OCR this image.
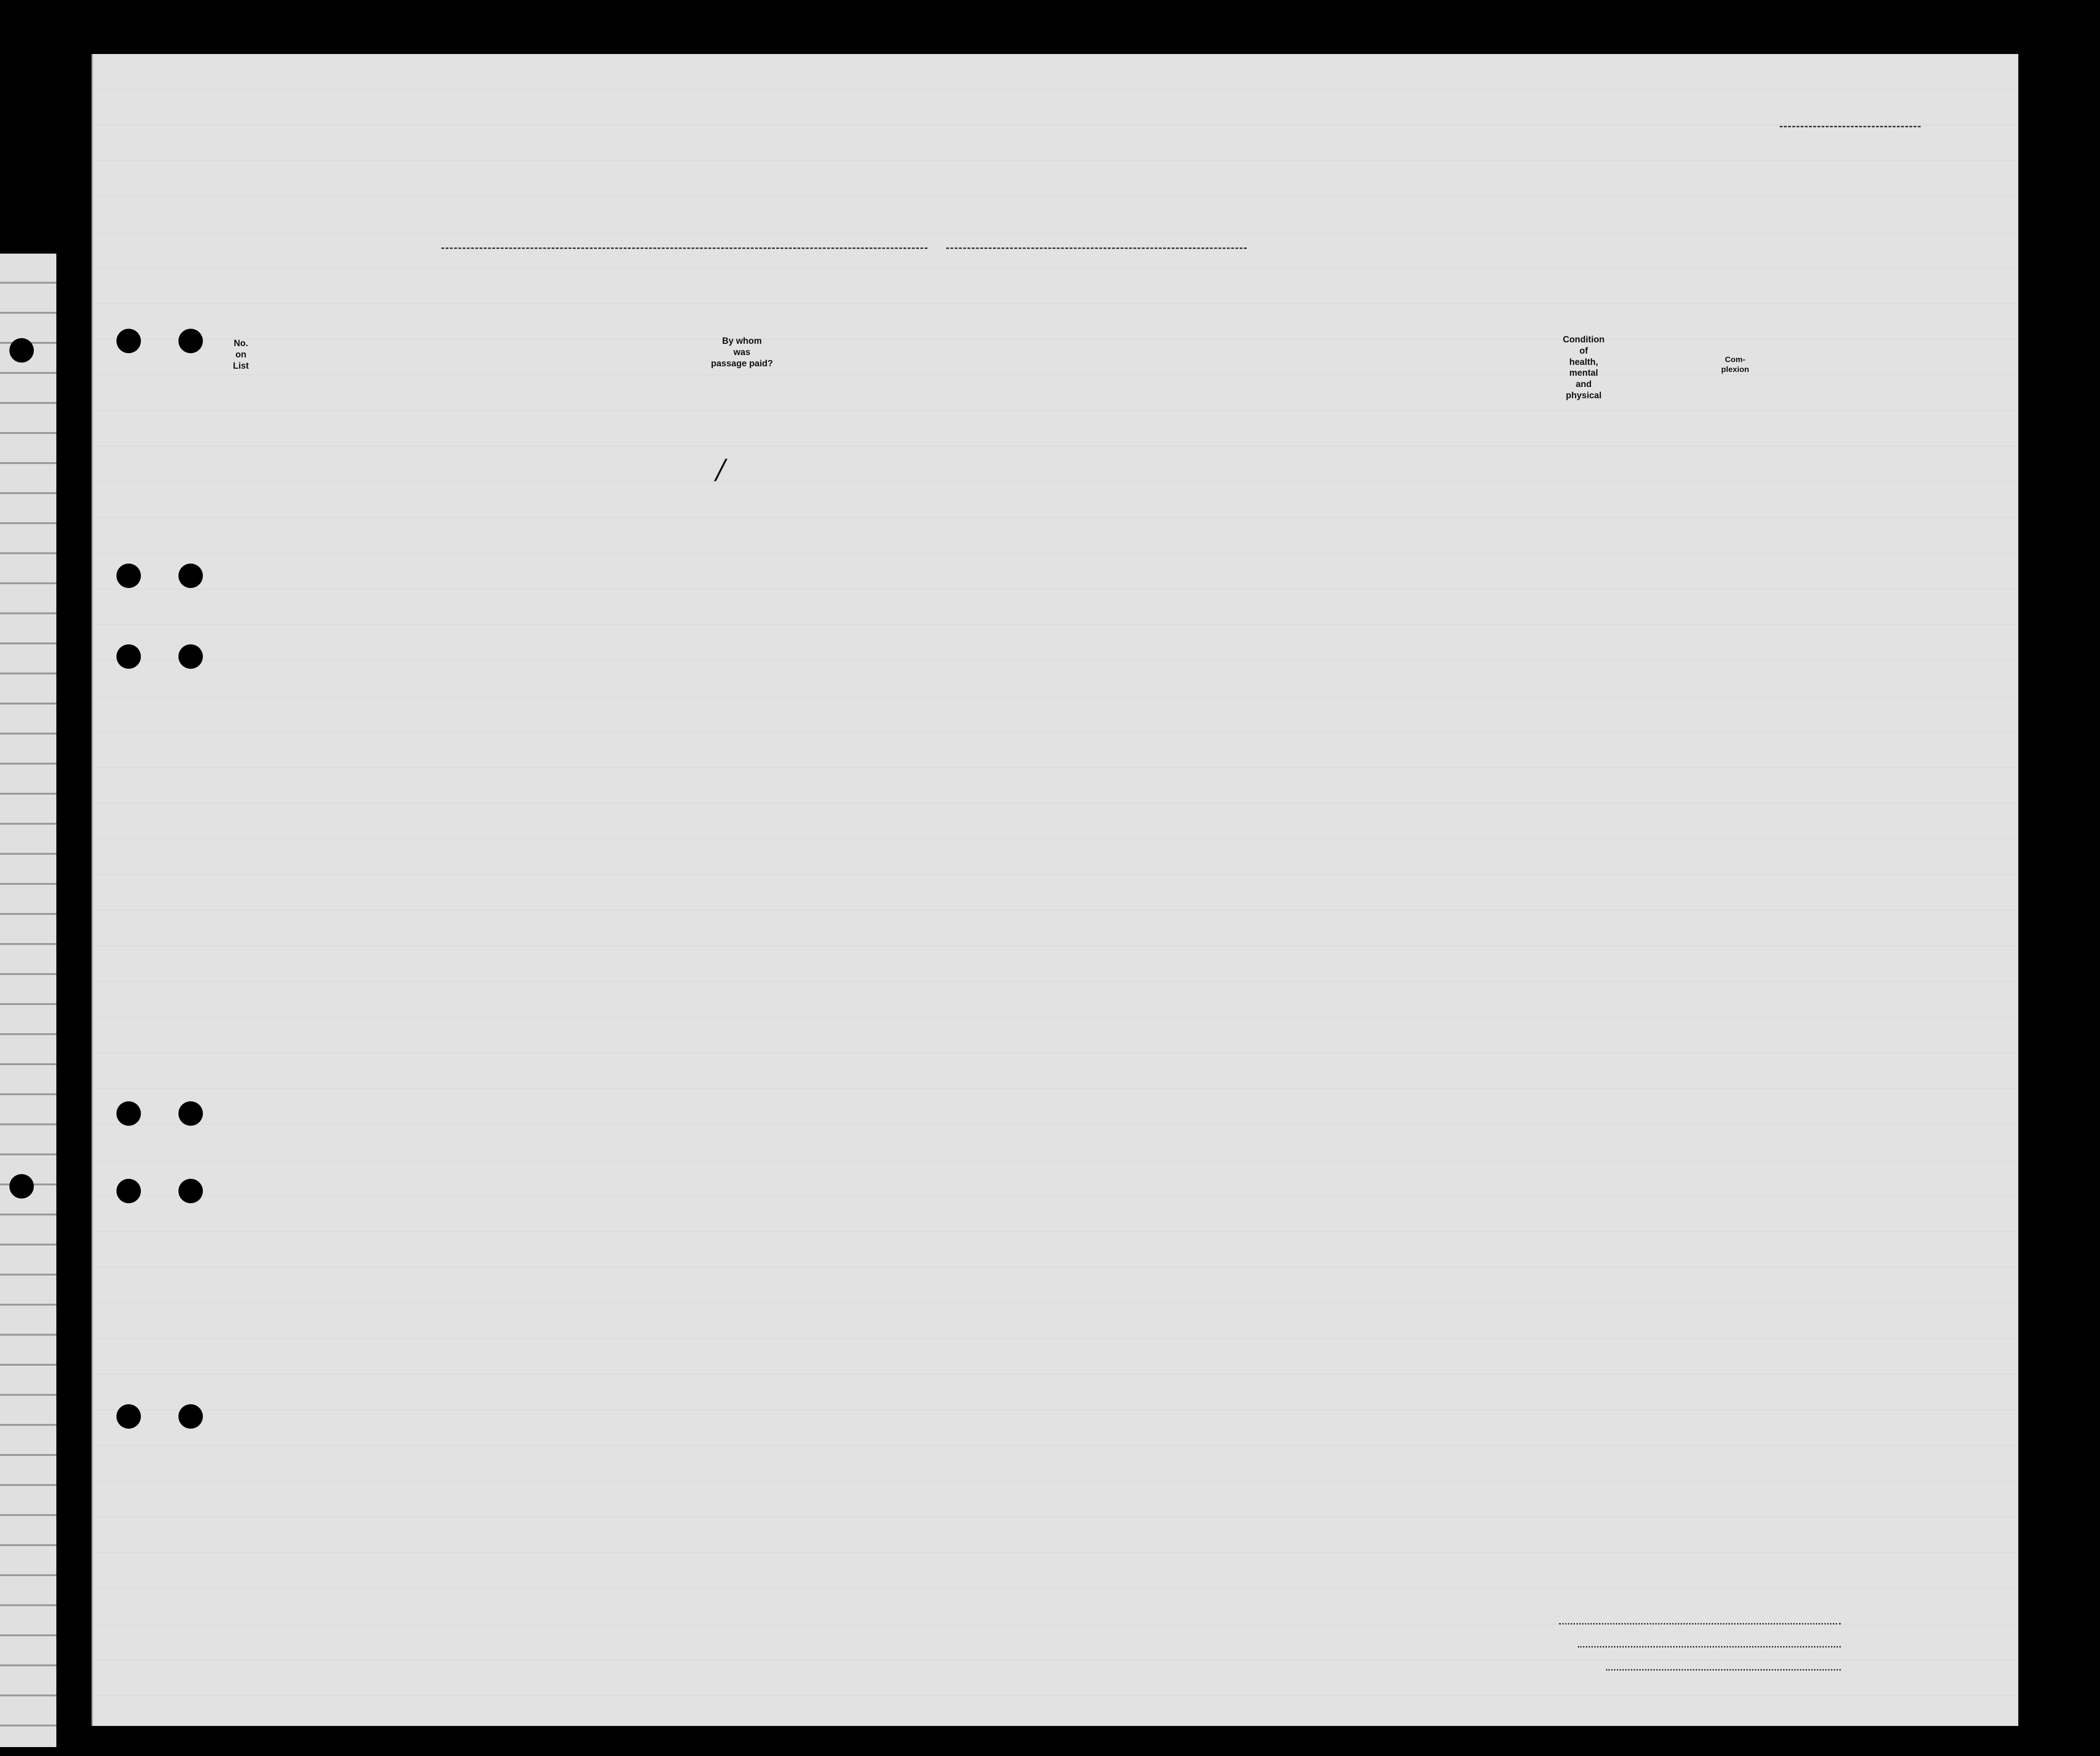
No.
on
List
By whom
was
passage paid?
Condition
of
health,
mental
and
physical
Com-
plexion
/
